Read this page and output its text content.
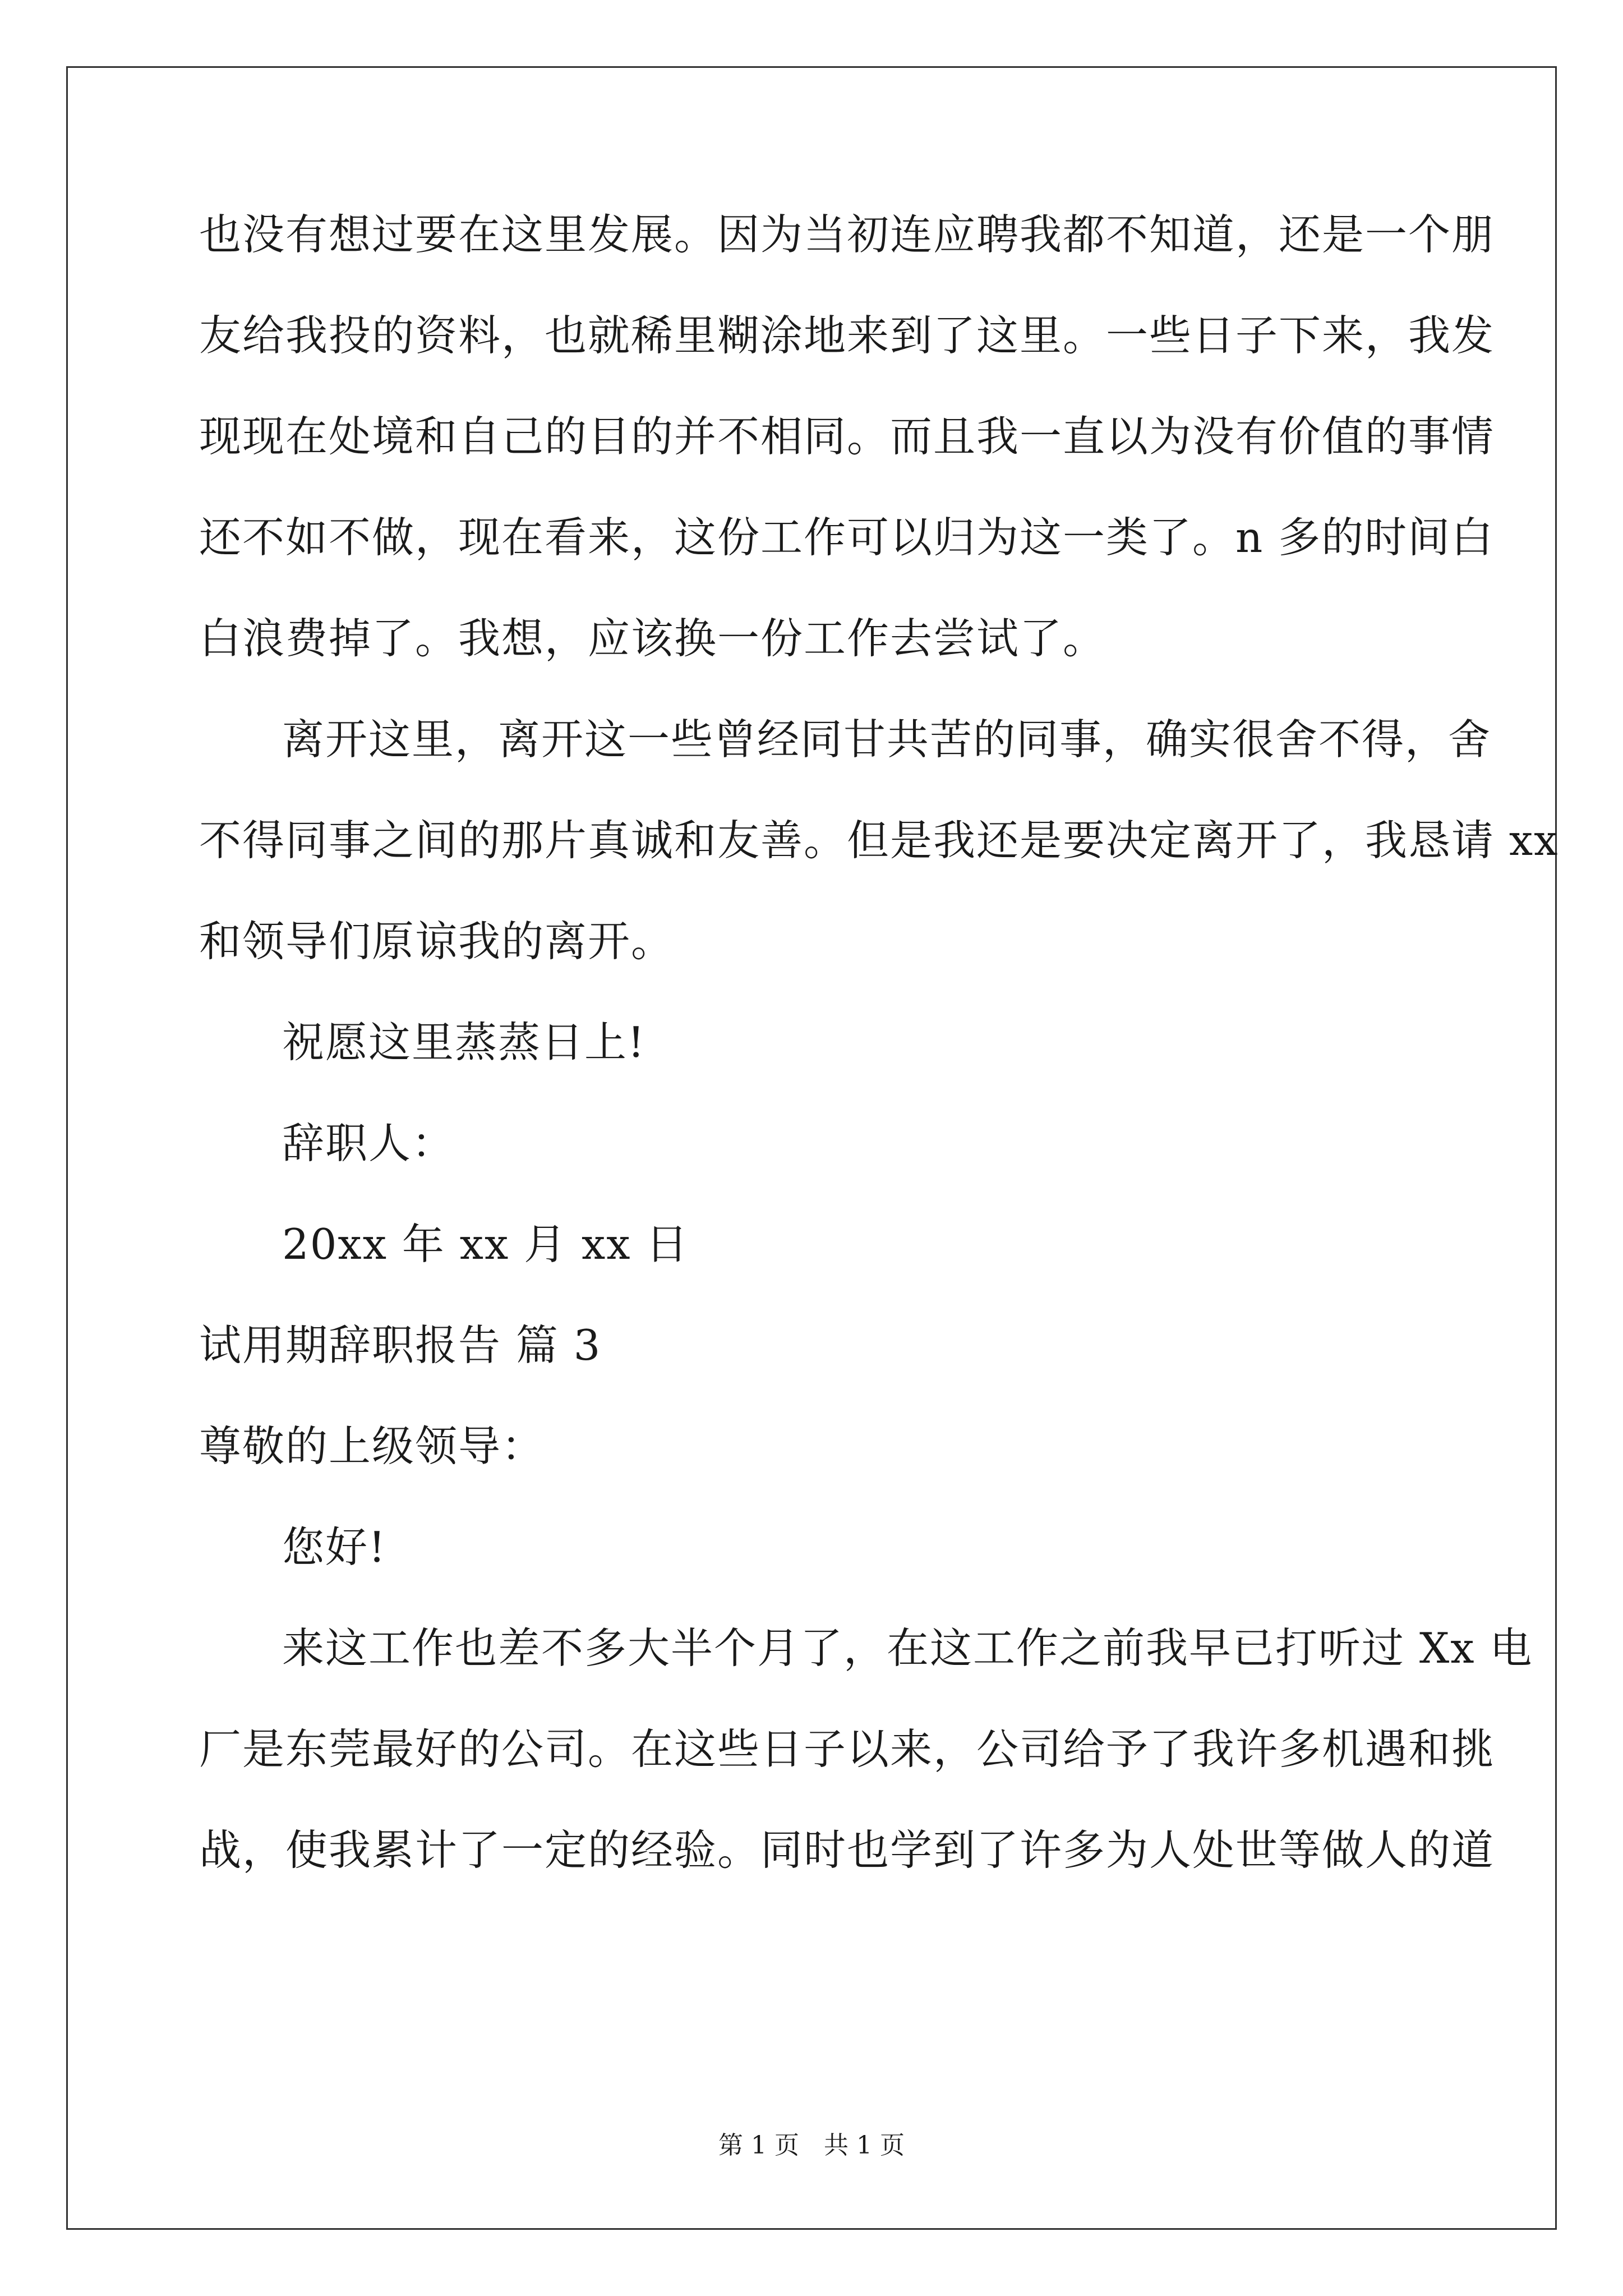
也没有想过要在这里发展。因为当初连应聘我都不知道，还是一个朋
友给我投的资料，也就稀里糊涂地来到了这里。一些日子下来，我发
现现在处境和自己的目的并不相同。而且我一直以为没有价值的事情
还不如不做，现在看来，这份工作可以归为这一类了。n 多的时间白
白浪费掉了。我想，应该换一份工作去尝试了。
离开这里，离开这一些曾经同甘共苦的同事，确实很舍不得，舍
不得同事之间的那片真诚和友善。但是我还是要决定离开了，我恳请 xx
和领导们原谅我的离开。
祝愿这里蒸蒸日上!
辞职人：
20xx 年 xx 月 xx 日
试用期辞职报告 篇 3
尊敬的上级领导：
您好!
来这工作也差不多大半个月了，在这工作之前我早已打听过 Xx 电
厂是东莞最好的公司。在这些日子以来，公司给予了我许多机遇和挑
战，使我累计了一定的经验。同时也学到了许多为人处世等做人的道
第 1 页 共 1 页
